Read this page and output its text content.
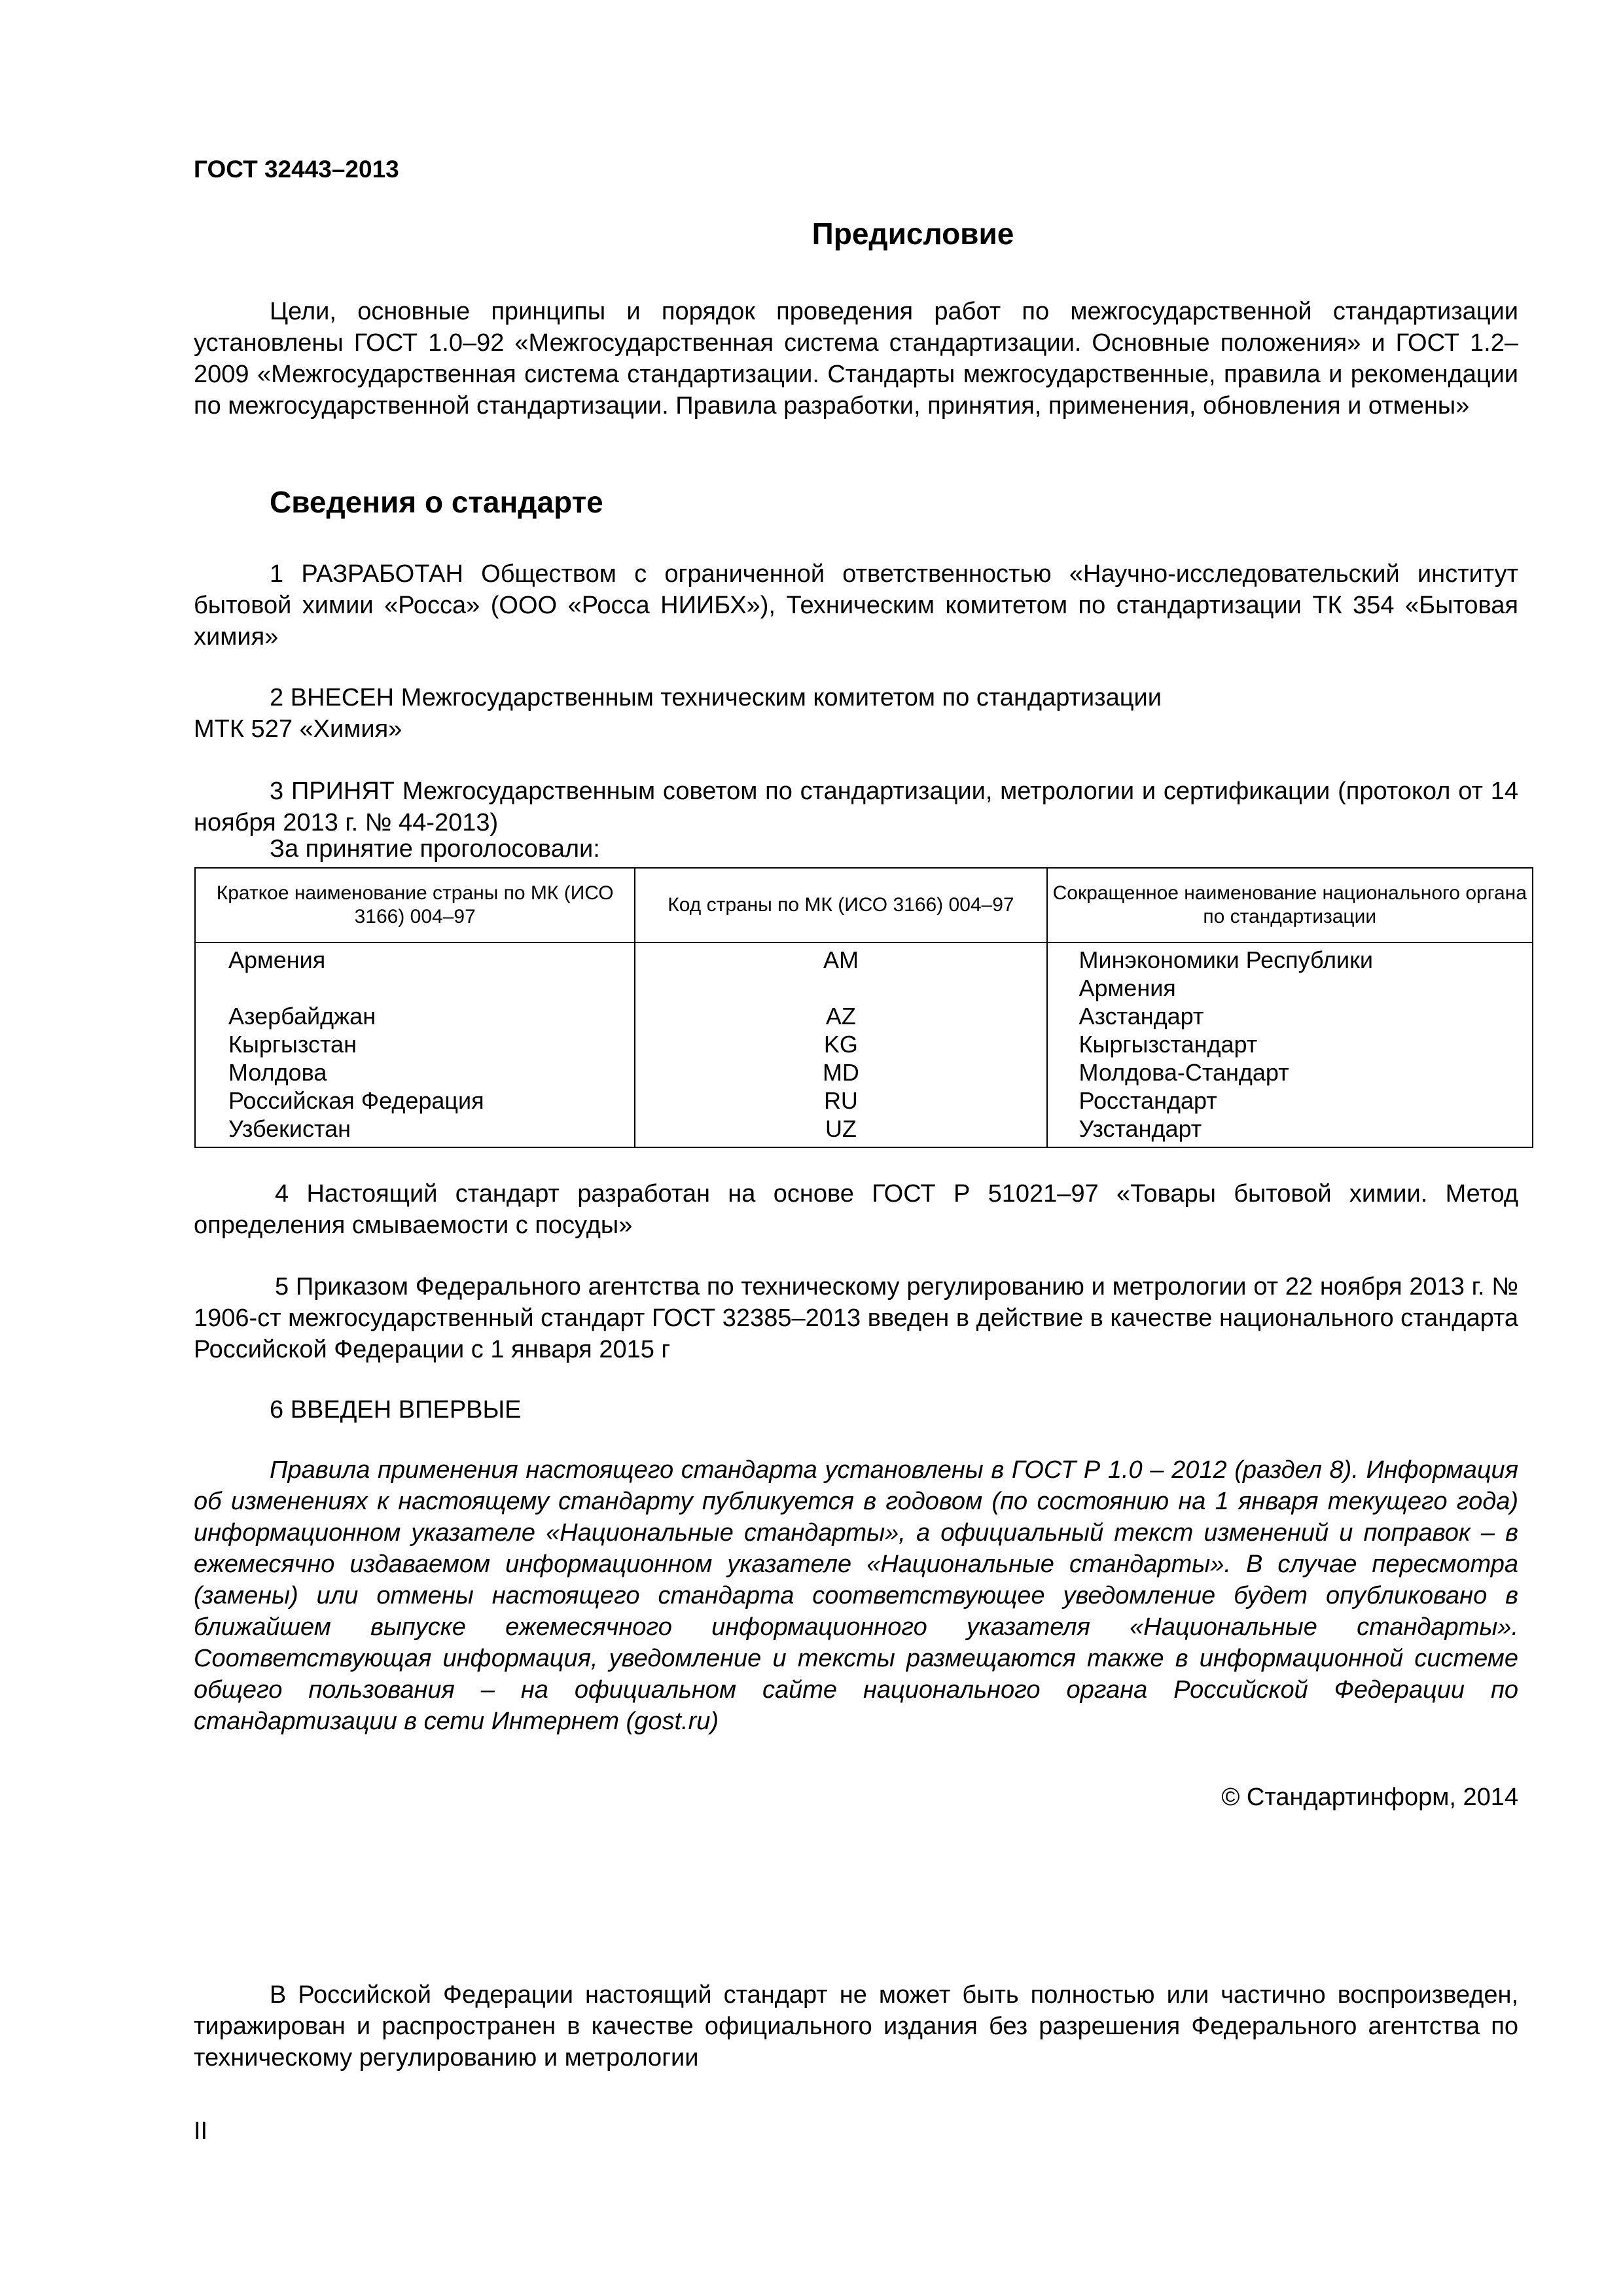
ГОСТ 32443–2013
Предисловие

Цели, основные принципы и порядок проведения работ по межгосударственной стандартизации установлены ГОСТ 1.0–92 «Межгосударственная система стандартизации. Основные положения» и ГОСТ 1.2–2009 «Межгосударственная система стандартизации. Стандарты межгосударственные, правила и рекомендации по межгосударственной стандартизации. Правила разработки, принятия, применения, обновления и отмены»

Сведения о стандарте

1 РАЗРАБОТАН Обществом с ограниченной ответственностью «Научно-исследовательский институт бытовой химии «Росса» (ООО «Росса НИИБХ»), Техническим комитетом по стандартизации ТК 354 «Бытовая химия»

2 ВНЕСЕН Межгосударственным техническим комитетом по стандартизации

МТК 527 «Химия»

3 ПРИНЯТ Межгосударственным советом по стандартизации, метрологии и сертификации (протокол от 14 ноября 2013 г. № 44-2013)

За принятие проголосовали:

Краткое наименование страны по МК (ИСО 3166) 004–97	Код страны по МК (ИСО 3166) 004–97	Сокращенное наименование национального органа по стандартизации
Армения	AM	Минэкономики Республики Армения
Азербайджан	AZ	Азстандарт
Кыргызстан	KG	Кыргызстандарт
Молдова	MD	Молдова-Стандарт
Российская Федерация	RU	Росстандарт
Узбекистан	UZ	Узстандарт

4 Настоящий стандарт разработан на основе ГОСТ Р 51021–97 «Товары бытовой химии. Метод определения смываемости с посуды»

5 Приказом Федерального агентства по техническому регулированию и метрологии от 22 ноября 2013 г. № 1906-ст межгосударственный стандарт ГОСТ 32385–2013 введен в действие в качестве национального стандарта Российской Федерации с 1 января 2015 г

6 ВВЕДЕН ВПЕРВЫЕ

Правила применения настоящего стандарта установлены в ГОСТ Р 1.0 – 2012 (раздел 8). Информация об изменениях к настоящему стандарту публикуется в годовом (по состоянию на 1 января текущего года) информационном указателе «Национальные стандарты», а официальный текст изменений и поправок – в ежемесячно издаваемом информационном указателе «Национальные стандарты». В случае пересмотра (замены) или отмены настоящего стандарта соответствующее уведомление будет опубликовано в ближайшем выпуске ежемесячного информационного указателя «Национальные стандарты». Соответствующая информация, уведомление и тексты размещаются также в информационной системе общего пользования – на официальном сайте национального органа Российской Федерации по стандартизации в сети Интернет (gost.ru)

© Стандартинформ, 2014

В Российской Федерации настоящий стандарт не может быть полностью или частично воспроизведен, тиражирован и распространен в качестве официального издания без разрешения Федерального агентства по техническому регулированию и метрологии

II
